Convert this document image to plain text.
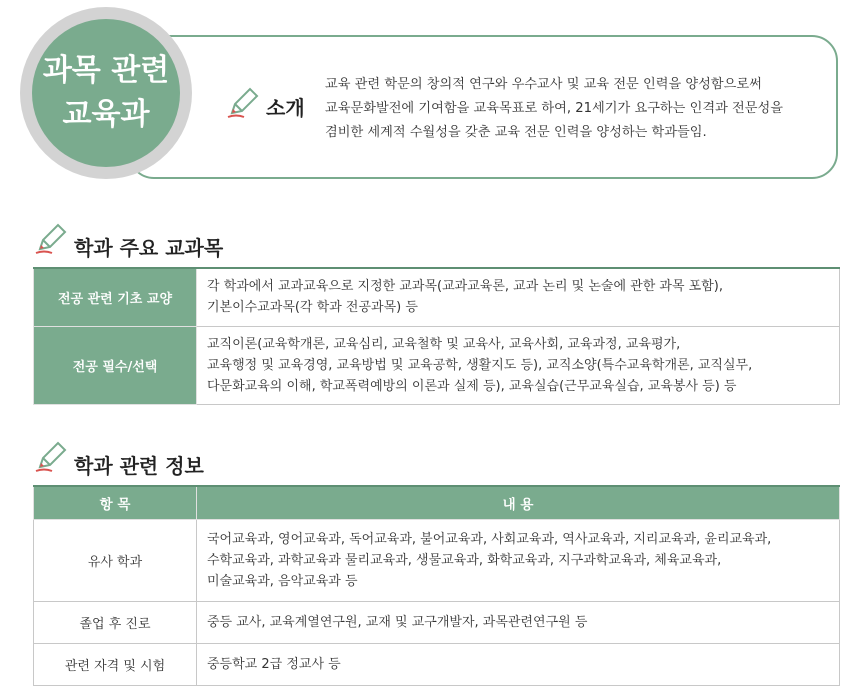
과목 관련
교육과	소개
교육 관련 학문의 창의적 연구와 우수교사 및 교육 전문 인력을 양성함으로써
교육문화발전에 기여함을 교육목표로 하여, 21세기가 요구하는 인격과 전문성을
겸비한 세계적 수월성을 갖춘 교육 전문 인력을 양성하는 학과들임.
학과 주요 교과목
전공 관련 기초 교양	각 학과에서 교과교육으로 지정한 교과목(교과교육론, 교과 논리 및 논술에 관한 과목 포함),
기본이수교과목(각 학과 전공과목) 등

전공 필수/선택	교직이론(교육학개론, 교육심리, 교육철학 및 교육사, 교육사회, 교육과정, 교육평가,
교육행정 및 교육경영, 교육방법 및 교육공학, 생활지도 등), 교직소양(특수교육학개론, 교직실무,
다문화교육의 이해, 학교폭력예방의 이론과 실제 등), 교육실습(근무교육실습, 교육봉사 등) 등
학과 관련 정보
항 목	내 용
유사 학과	국어교육과, 영어교육과, 독어교육과, 불어교육과, 사회교육과, 역사교육과, 지리교육과, 윤리교육과,
수학교육과, 과학교육과 물리교육과, 생물교육과, 화학교육과, 지구과학교육과, 체육교육과,
미술교육과, 음악교육과 등

졸업 후 진로	중등 교사, 교육계열연구원, 교재 및 교구개발자, 과목관련연구원 등

관련 자격 및 시험	중등학교 2급 정교사 등
